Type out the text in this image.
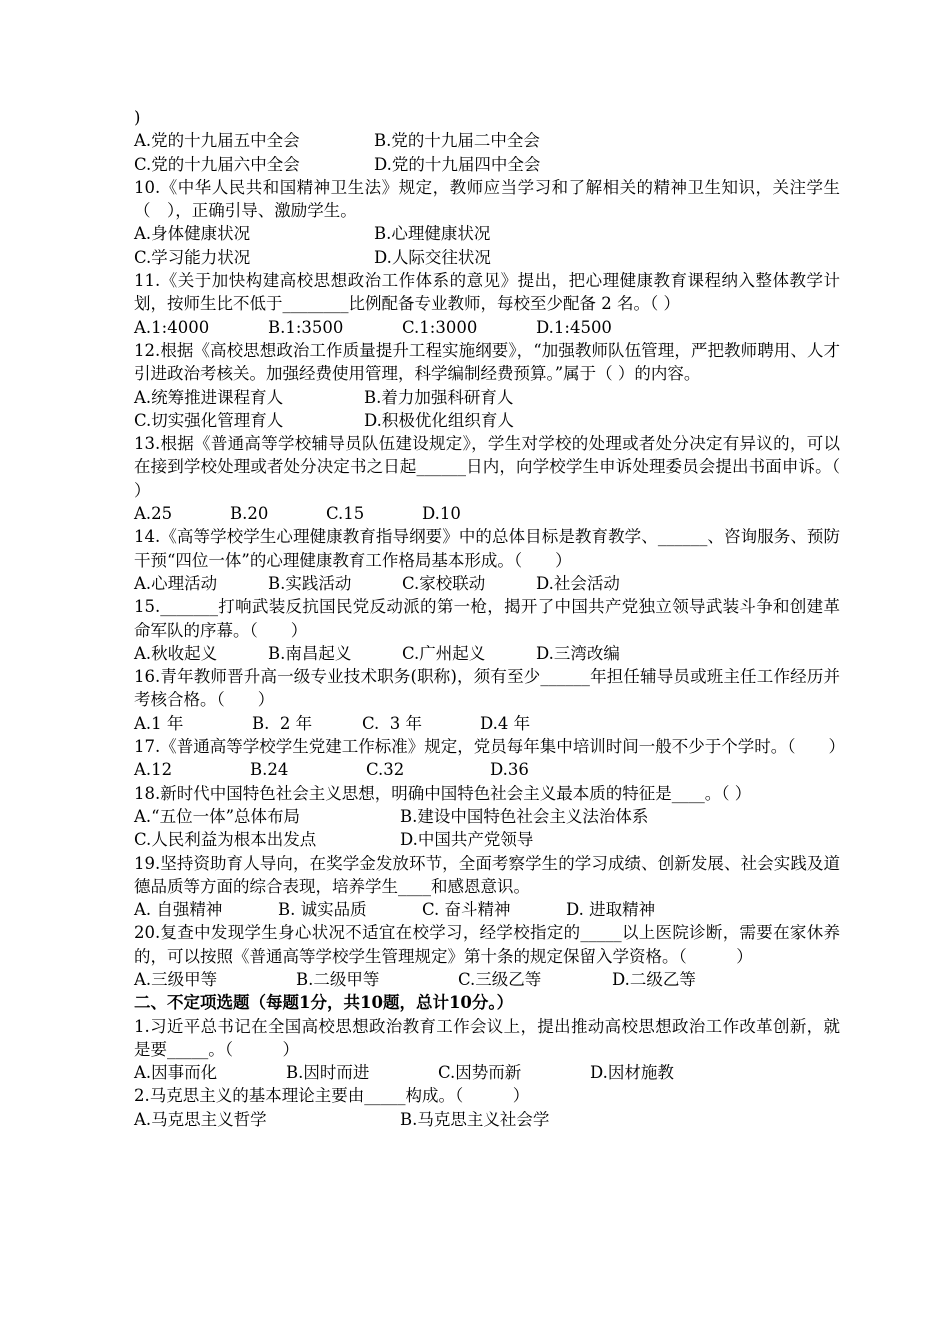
)
A.党的十九届五中全会	B.党的十九届二中全会
C.党的十九届六中全会	D.党的十九届四中全会
10.《中华人民共和国精神卫生法》规定，教师应当学习和了解相关的精神卫生知识，关注学生（　），正确引导、激励学生。
A.身体健康状况	B.心理健康状况
C.学习能力状况	D.人际交往状况
11.《关于加快构建高校思想政治工作体系的意见》提出，把心理健康教育课程纳入整体教学计划，按师生比不低于________比例配备专业教师，每校至少配备 2 名。（ ）
A.1:4000	B.1:3500	C.1:3000	D.1:4500
12.根据《高校思想政治工作质量提升工程实施纲要》，“加强教师队伍管理，严把教师聘用、人才引进政治考核关。加强经费使用管理，科学编制经费预算。”属于（ ）的内容。
A.统筹推进课程育人	B.着力加强科研育人
C.切实强化管理育人	D.积极优化组织育人
13.根据《普通高等学校辅导员队伍建设规定》，学生对学校的处理或者处分决定有异议的，可以在接到学校处理或者处分决定书之日起______日内，向学校学生申诉处理委员会提出书面申诉。（　　　）
A.25	B.20	C.15	D.10
14.《高等学校学生心理健康教育指导纲要》中的总体目标是教育教学、______、咨询服务、预防干预“四位一体”的心理健康教育工作格局基本形成。（　　）
A.心理活动	B.实践活动	C.家校联动	D.社会活动
15._______打响武装反抗国民党反动派的第一枪，揭开了中国共产党独立领导武装斗争和创建革命军队的序幕。（　　）
A.秋收起义	B.南昌起义	C.广州起义	D.三湾改编
16.青年教师晋升高一级专业技术职务(职称)，须有至少______年担任辅导员或班主任工作经历并考核合格。（　　）
A.1 年	B.  2 年	C.  3 年	D.4 年
17.《普通高等学校学生党建工作标准》规定，党员每年集中培训时间一般不少于个学时。（　　）
A.12	B.24	C.32	D.36
18.新时代中国特色社会主义思想，明确中国特色社会主义最本质的特征是____。（ ）
A.“五位一体”总体布局	B.建设中国特色社会主义法治体系
C.人民利益为根本出发点	D.中国共产党领导
19.坚持资助育人导向，在奖学金发放环节，全面考察学生的学习成绩、创新发展、社会实践及道德品质等方面的综合表现，培养学生____和感恩意识。
A. 自强精神	B. 诚实品质	C. 奋斗精神	D. 进取精神
20.复查中发现学生身心状况不适宜在校学习，经学校指定的_____以上医院诊断，需要在家休养的，可以按照《普通高等学校学生管理规定》第十条的规定保留入学资格。（　　　）
A.三级甲等	B.二级甲等	C.三级乙等	D.二级乙等
二、不定项选题（每题1分，共10题，总计10分。）
1.习近平总书记在全国高校思想政治教育工作会议上，提出推动高校思想政治工作改革创新，就是要_____。（　　　）
A.因事而化	B.因时而进	C.因势而新	D.因材施教
2.马克思主义的基本理论主要由_____构成。（　　　）
A.马克思主义哲学	B.马克思主义社会学
